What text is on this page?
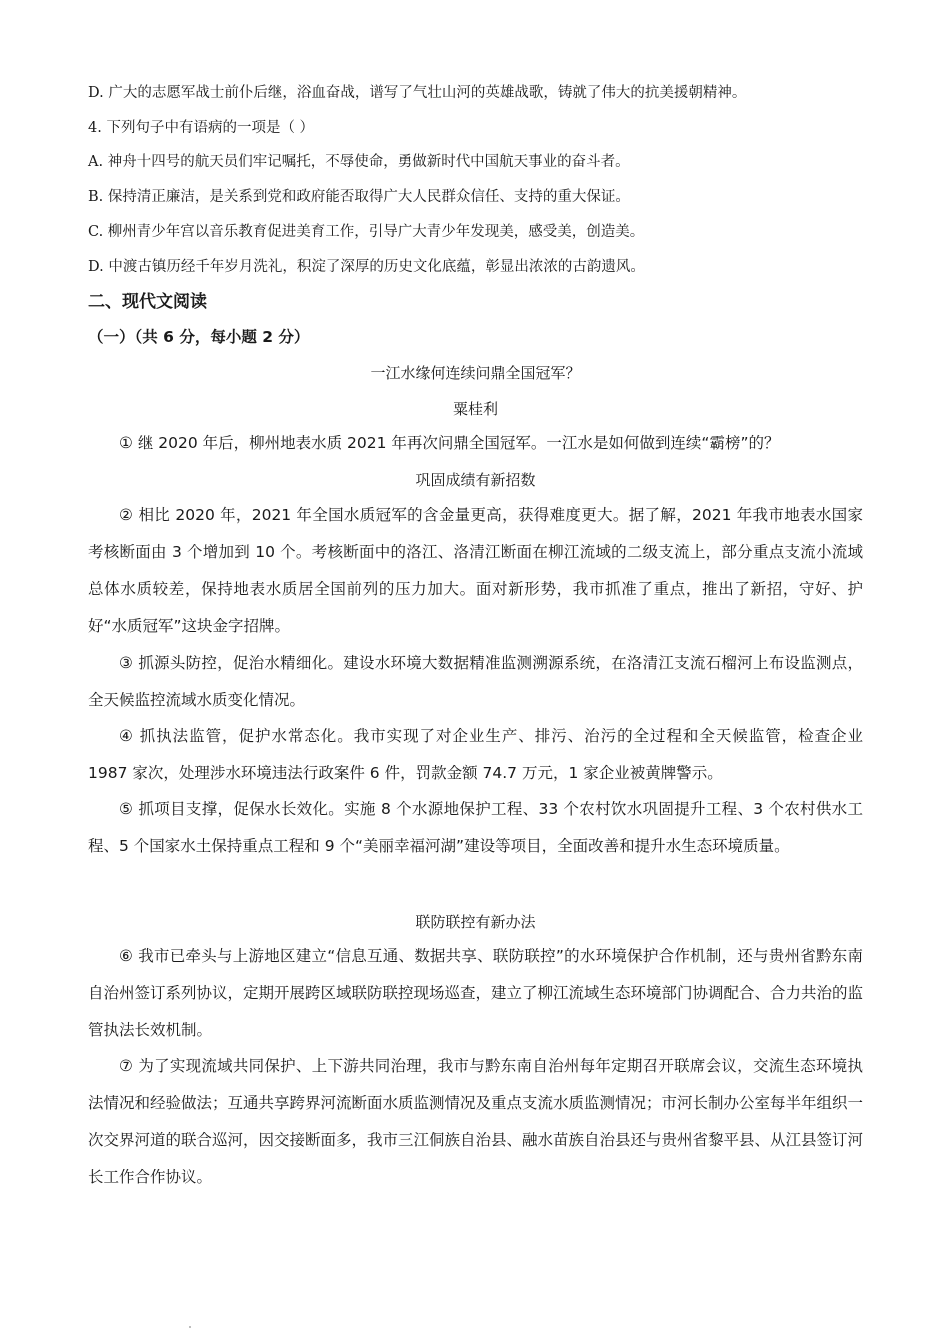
D. 广大的志愿军战士前仆后继，浴血奋战，谱写了气壮山河的英雄战歌，铸就了伟大的抗美援朝精神。
4. 下列句子中有语病的一项是（ ）
A. 神舟十四号的航天员们牢记嘱托，不辱使命，勇做新时代中国航天事业的奋斗者。
B. 保持清正廉洁，是关系到党和政府能否取得广大人民群众信任、支持的重大保证。
C. 柳州青少年宫以音乐教育促进美育工作，引导广大青少年发现美，感受美，创造美。
D. 中渡古镇历经千年岁月洗礼，积淀了深厚的历史文化底蕴，彰显出浓浓的古韵遗风。
二、现代文阅读
（一）（共 6 分，每小题 2 分）
一江水缘何连续问鼎全国冠军？
粟桂利

① 继 2020 年后，柳州地表水质 2021 年再次问鼎全国冠军。一江水是如何做到连续“霸榜”的？

巩固成绩有新招数

② 相比 2020 年，2021 年全国水质冠军的含金量更高，获得难度更大。据了解，2021 年我市地表水国家考核断面由 3 个增加到 10 个。考核断面中的洛江、洛清江断面在柳江流域的二级支流上，部分重点支流小流域总体水质较差，保持地表水质居全国前列的压力加大。面对新形势，我市抓准了重点，推出了新招，守好、护好“水质冠军”这块金字招牌。

③ 抓源头防控，促治水精细化。建设水环境大数据精准监测溯源系统，在洛清江支流石榴河上布设监测点，全天候监控流域水质变化情况。

④ 抓执法监管，促护水常态化。我市实现了对企业生产、排污、治污的全过程和全天候监管，检查企业 1987 家次，处理涉水环境违法行政案件 6 件，罚款金额 74.7 万元，1 家企业被黄牌警示。

⑤ 抓项目支撑，促保水长效化。实施 8 个水源地保护工程、33 个农村饮水巩固提升工程、3 个农村供水工程、5 个国家水土保持重点工程和 9 个“美丽幸福河湖”建设等项目，全面改善和提升水生态环境质量。

联防联控有新办法

⑥ 我市已牵头与上游地区建立“信息互通、数据共享、联防联控”的水环境保护合作机制，还与贵州省黔东南自治州签订系列协议，定期开展跨区域联防联控现场巡查，建立了柳江流域生态环境部门协调配合、合力共治的监管执法长效机制。

⑦ 为了实现流域共同保护、上下游共同治理，我市与黔东南自治州每年定期召开联席会议，交流生态环境执法情况和经验做法；互通共享跨界河流断面水质监测情况及重点支流水质监测情况；市河长制办公室每半年组织一次交界河道的联合巡河，因交接断面多，我市三江侗族自治县、融水苗族自治县还与贵州省黎平县、从江县签订河长工作合作协议。
